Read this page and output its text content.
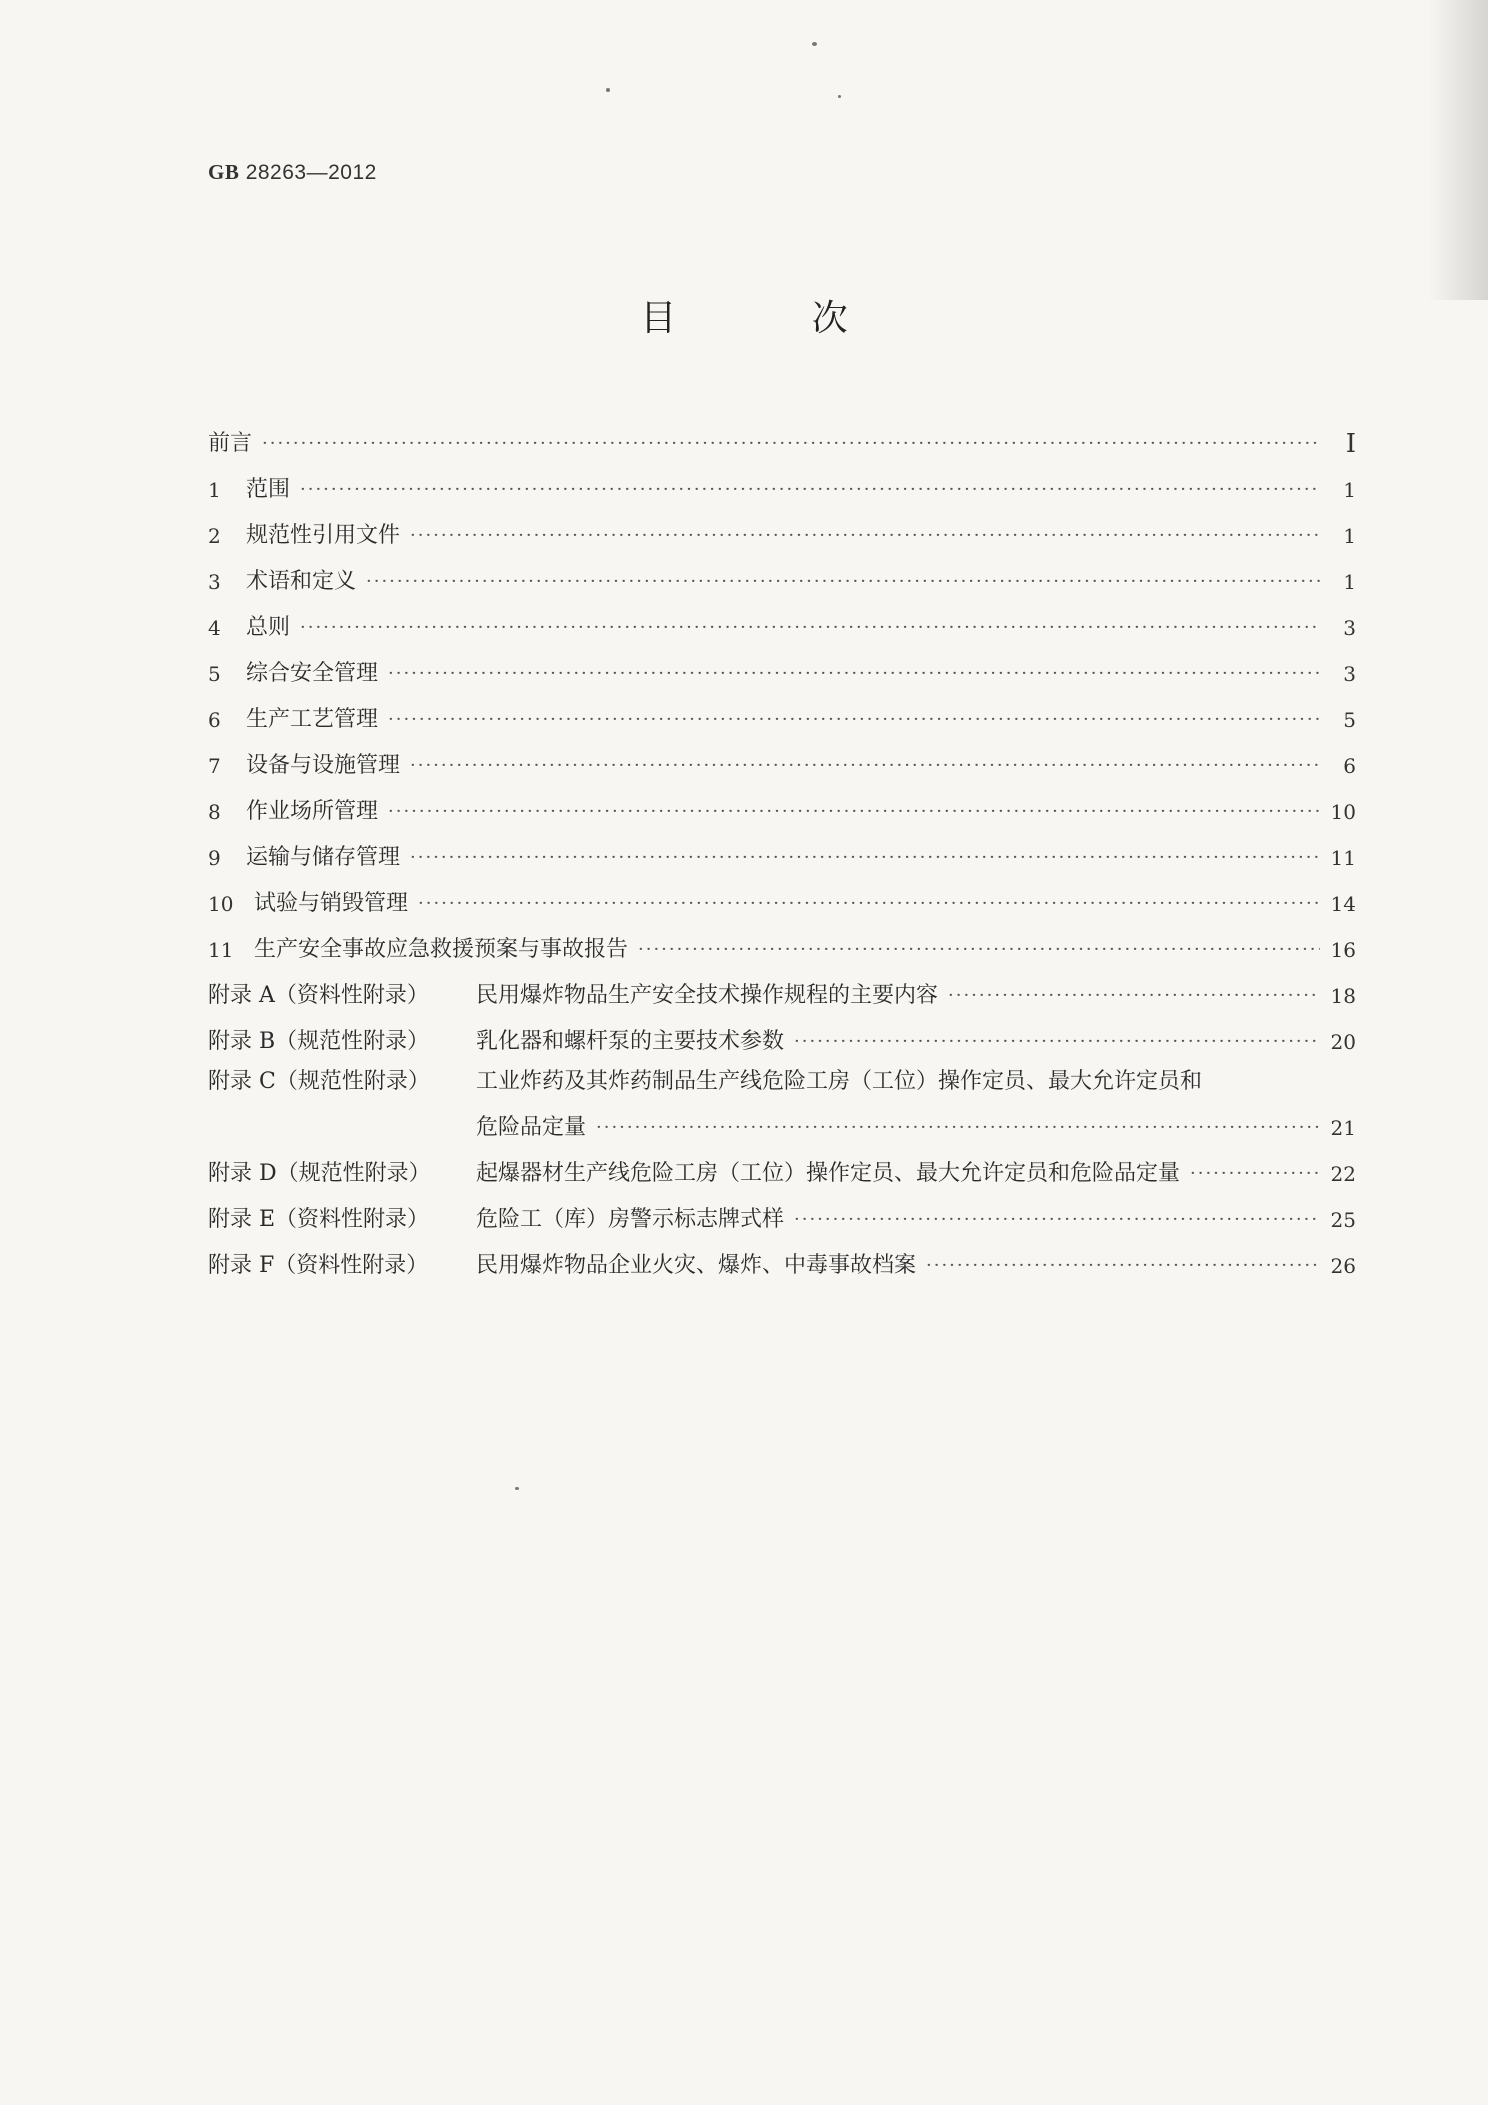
GB 28263—2012
目 次
前言 ·····	Ⅰ
1	范围 ·····	1
2	规范性引用文件 ·····	1
3	术语和定义 ·····	1
4	总则 ·····	3
5	综合安全管理 ·····	3
6	生产工艺管理 ·····	5
7	设备与设施管理 ·····	6
8	作业场所管理 ·····	10
9	运输与储存管理 ·····	11
10 试验与销毁管理 ·····	14
11 生产安全事故应急救援预案与事故报告 ·····	16
附录 A（资料性附录）	民用爆炸物品生产安全技术操作规程的主要内容 ·····	18
附录 B（规范性附录）	乳化器和螺杆泵的主要技术参数 ·····	20
附录 C（规范性附录）	工业炸药及其炸药制品生产线危险工房（工位）操作定员、最大允许定员和
危险品定量 ·····	21
附录 D（规范性附录）	起爆器材生产线危险工房（工位）操作定员、最大允许定员和危险品定量 ·····	22
附录 E（资料性附录）	危险工（库）房警示标志牌式样 ·····	25
附录 F（资料性附录）	民用爆炸物品企业火灾、爆炸、中毒事故档案 ·····	26
